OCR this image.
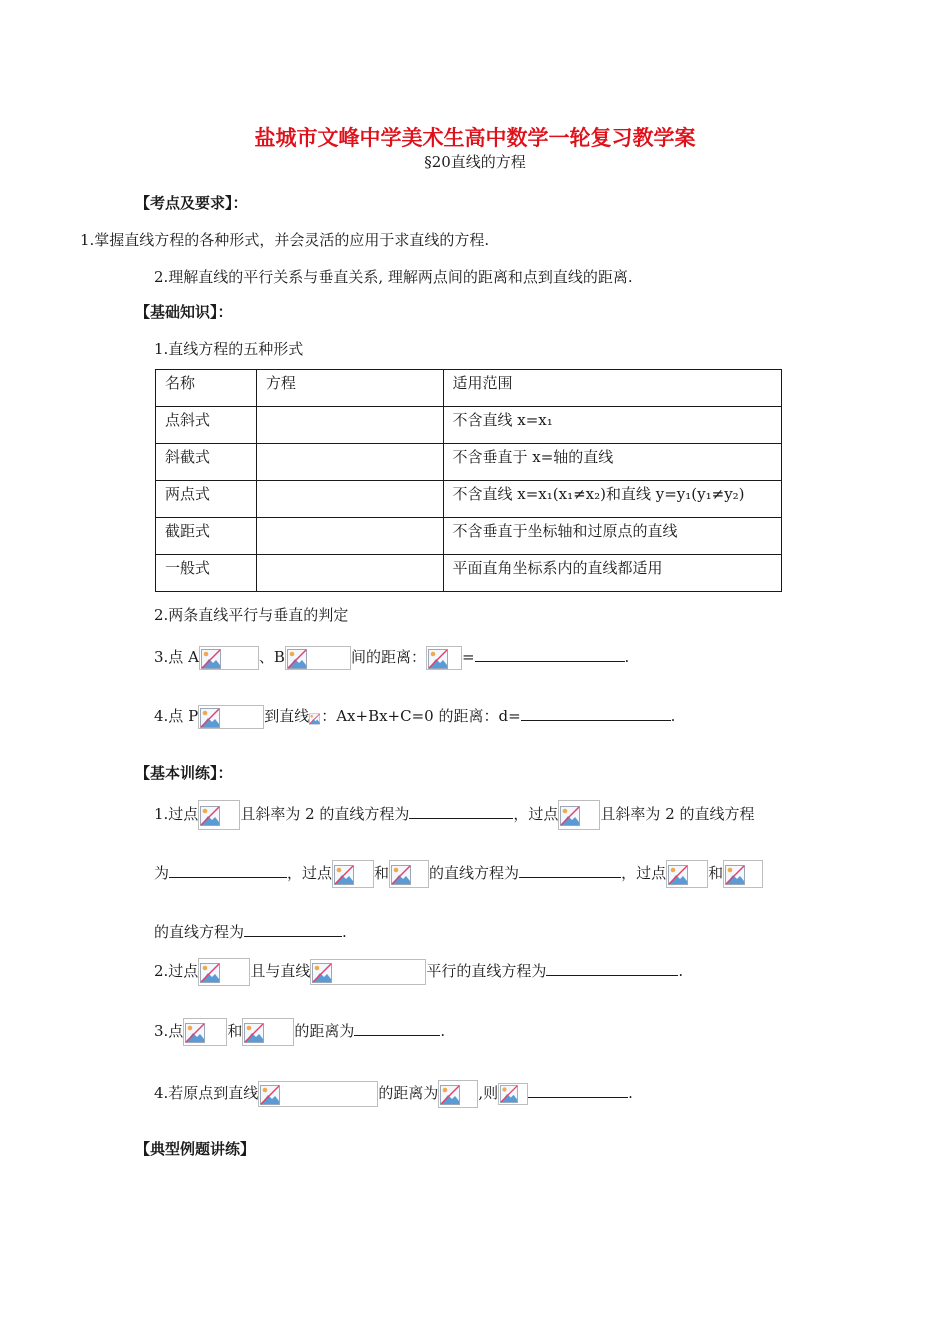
盐城市文峰中学美术生高中数学一轮复习教学案
§20直线的方程
【考点及要求】：
1.掌握直线方程的各种形式，并会灵活的应用于求直线的方程.
2.理解直线的平行关系与垂直关系, 理解两点间的距离和点到直线的距离.
【基础知识】：
1.直线方程的五种形式
名称	方程	适用范围
点斜式		不含直线 x=x₁
斜截式		不含垂直于 x=轴的直线
两点式		不含直线 x=x₁(x₁≠x₂)和直线 y=y₁(y₁≠y₂)
截距式		不含垂直于坐标轴和过原点的直线
一般式		平面直角坐标系内的直线都适用
2.两条直线平行与垂直的判定
3.点 A	、B	间的距离： =	.
4.点 P	到直线 ：Ax+Bx+C=0 的距离：d=	.
【基本训练】：
1.过点	且斜率为 2 的直线方程为	，过点	且斜率为 2 的直线方程
为	，过点	和	的直线方程为	，过点	和
的直线方程为	.
2.过点	且与直线	平行的直线方程为	.
3.点	和	的距离为	.
4.若原点到直线	的距离为	,则	.
【典型例题讲练】
